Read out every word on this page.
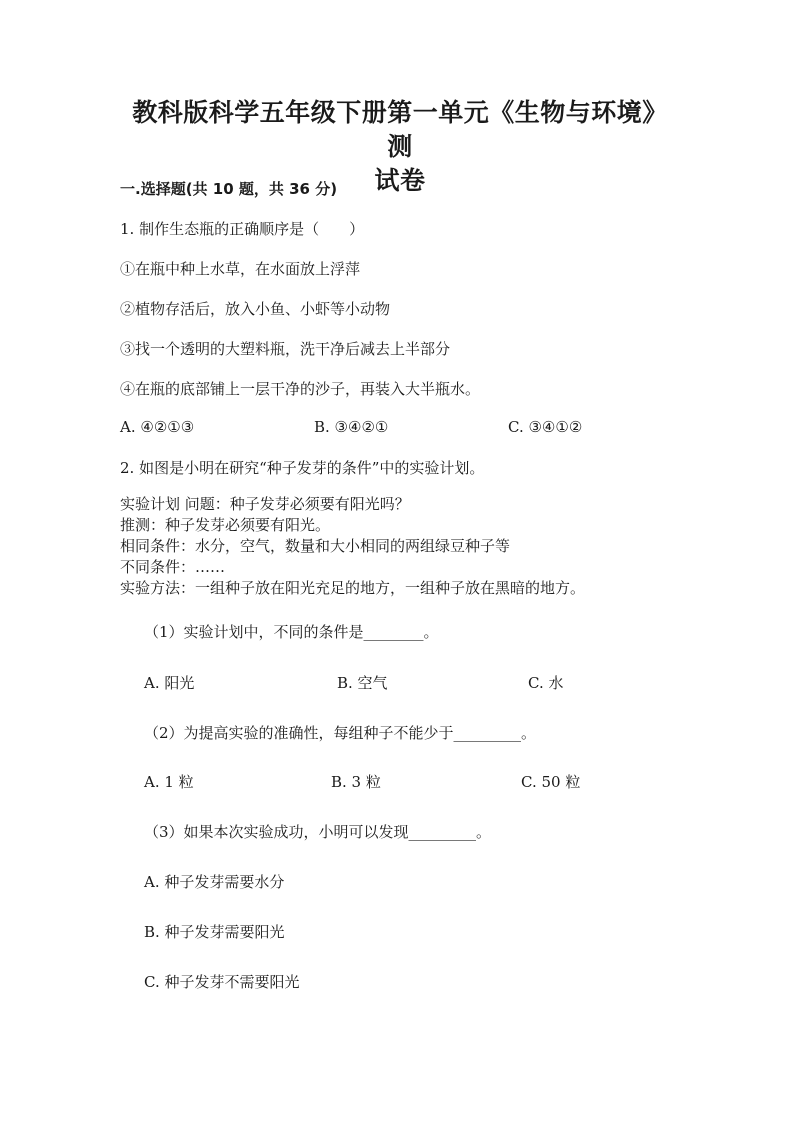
教科版科学五年级下册第一单元《生物与环境》测
试卷
一.选择题(共 10 题，共 36 分)
1. 制作生态瓶的正确顺序是（　　）
①在瓶中种上水草，在水面放上浮萍
②植物存活后，放入小鱼、小虾等小动物
③找一个透明的大塑料瓶，洗干净后减去上半部分
④在瓶的底部铺上一层干净的沙子，再装入大半瓶水。
A. ④②①③	B. ③④②①	C. ③④①②
2. 如图是小明在研究“种子发芽的条件”中的实验计划。
实验计划 问题：种子发芽必须要有阳光吗？
推测：种子发芽必须要有阳光。
相同条件：水分，空气，数量和大小相同的两组绿豆种子等
不同条件：……
实验方法：一组种子放在阳光充足的地方，一组种子放在黑暗的地方。
（1）实验计划中，不同的条件是________。
A. 阳光	B. 空气	C. 水
（2）为提高实验的准确性，每组种子不能少于_________。
A. 1 粒	B. 3 粒	C. 50 粒
（3）如果本次实验成功，小明可以发现_________。
A. 种子发芽需要水分
B. 种子发芽需要阳光
C. 种子发芽不需要阳光
